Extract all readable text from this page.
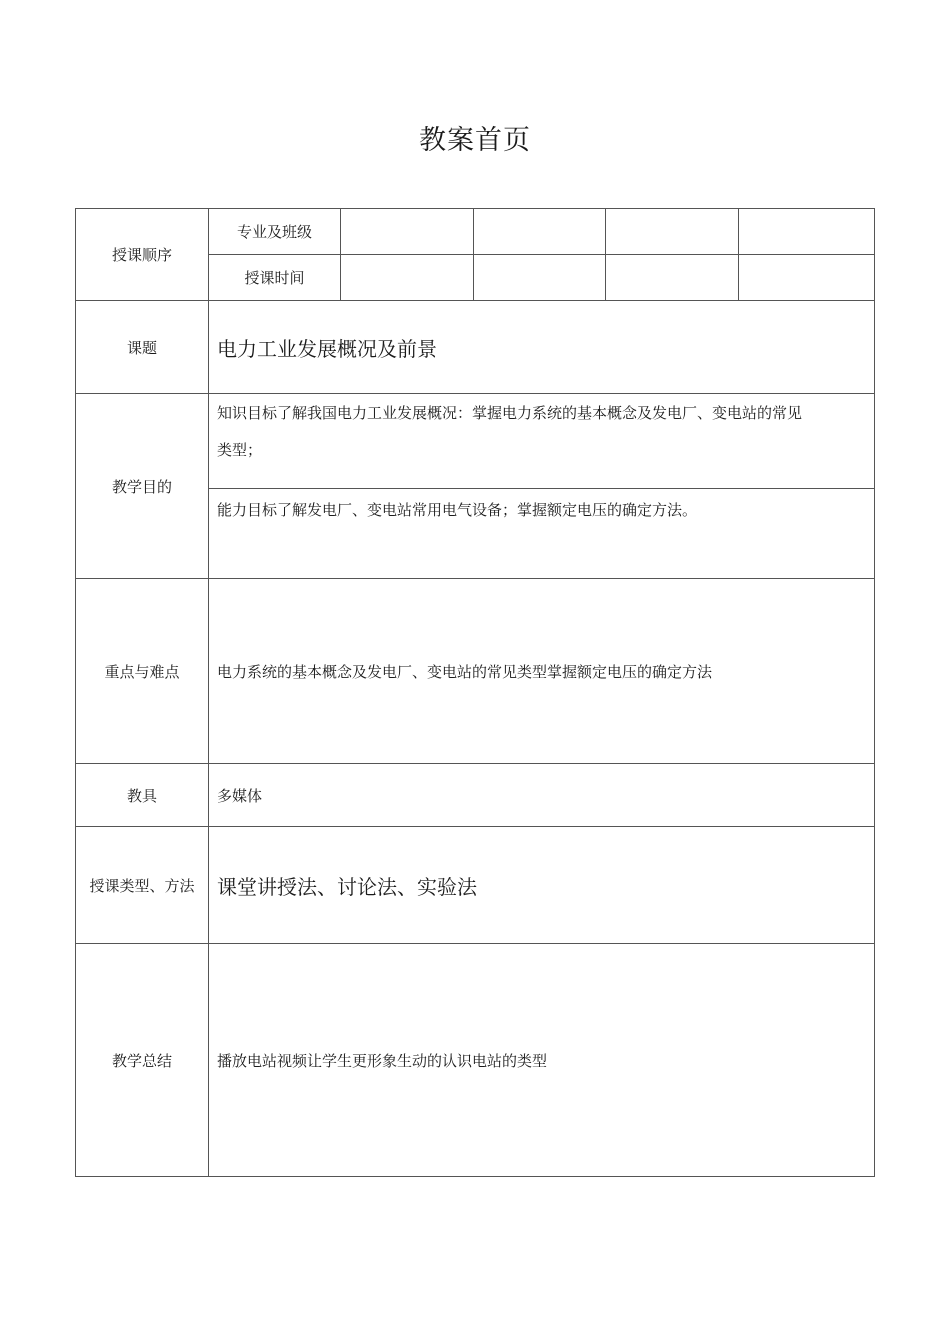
教案首页
授课顺序	专业及班级				
	授课时间				
课题	电力工业发展概况及前景				
教学目的	知识目标了解我国电力工业发展概况：掌握电力系统的基本概念及发电厂、变电站的常见
类型；				

	能力目标了解发电厂、变电站常用电气设备；掌握额定电压的确定方法。				
重点与难点	电力系统的基本概念及发电厂、变电站的常见类型掌握额定电压的确定方法				
教具	多媒体				
授课类型、方法	课堂讲授法、讨论法、实验法				
教学总结	播放电站视频让学生更形象生动的认识电站的类型				
